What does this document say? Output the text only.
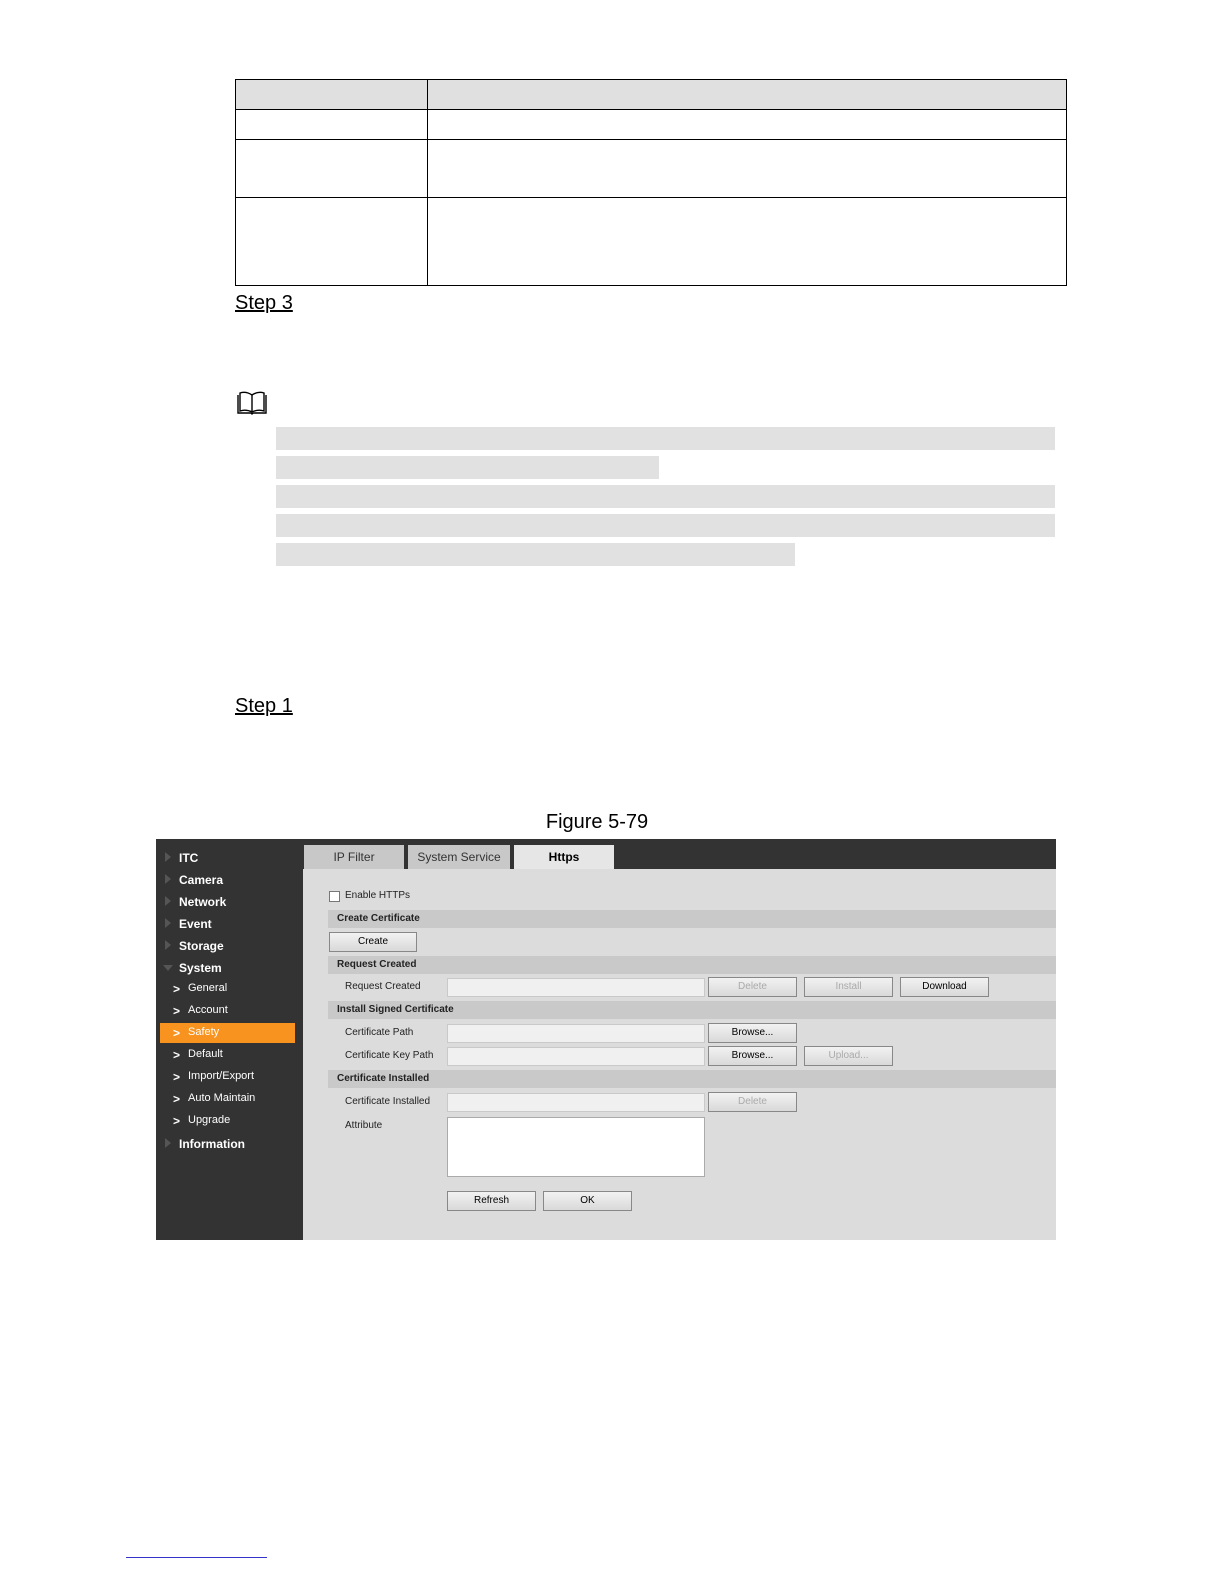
Step 3
Step 1
Figure 5-79
ITC
Camera
Network
Event
Storage
System
> General
> Account
> Safety
> Default
> Import/Export
> Auto Maintain
> Upgrade
Information
IP Filter	System Service	Https
Enable HTTPs
Create Certificate
Create
Request Created
Request Created	Delete	Install	Download
Install Signed Certificate
Certificate Path	Browse...
Certificate Key Path	Browse...	Upload...
Certificate Installed
Certificate Installed	Delete
Attribute
Refresh	OK
